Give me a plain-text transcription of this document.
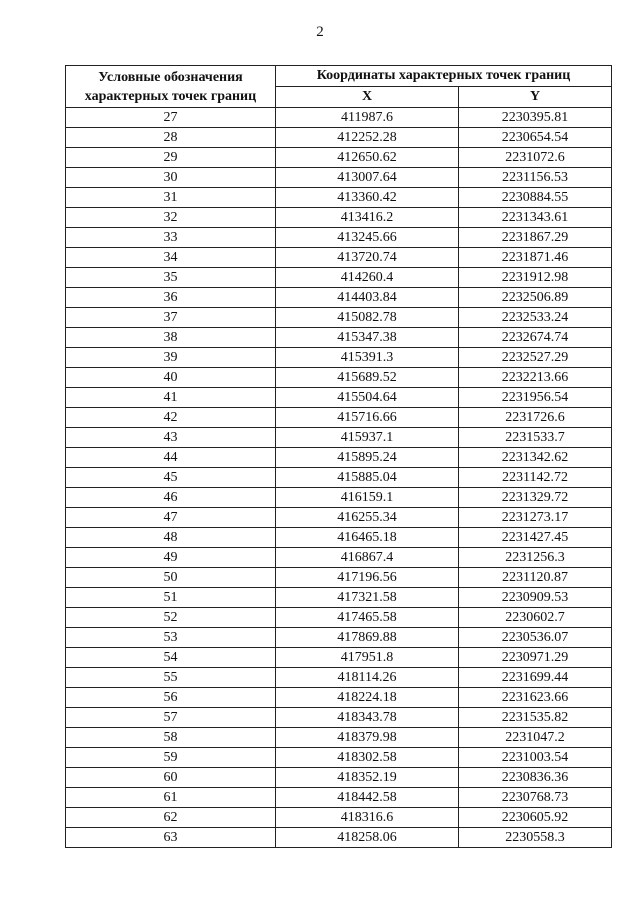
2
Условные обозначения характерных точек границ	Координаты характерных точек границ	
	X	Y
27	411987.6	2230395.81
28	412252.28	2230654.54
29	412650.62	2231072.6
30	413007.64	2231156.53
31	413360.42	2230884.55
32	413416.2	2231343.61
33	413245.66	2231867.29
34	413720.74	2231871.46
35	414260.4	2231912.98
36	414403.84	2232506.89
37	415082.78	2232533.24
38	415347.38	2232674.74
39	415391.3	2232527.29
40	415689.52	2232213.66
41	415504.64	2231956.54
42	415716.66	2231726.6
43	415937.1	2231533.7
44	415895.24	2231342.62
45	415885.04	2231142.72
46	416159.1	2231329.72
47	416255.34	2231273.17
48	416465.18	2231427.45
49	416867.4	2231256.3
50	417196.56	2231120.87
51	417321.58	2230909.53
52	417465.58	2230602.7
53	417869.88	2230536.07
54	417951.8	2230971.29
55	418114.26	2231699.44
56	418224.18	2231623.66
57	418343.78	2231535.82
58	418379.98	2231047.2
59	418302.58	2231003.54
60	418352.19	2230836.36
61	418442.58	2230768.73
62	418316.6	2230605.92
63	418258.06	2230558.3
